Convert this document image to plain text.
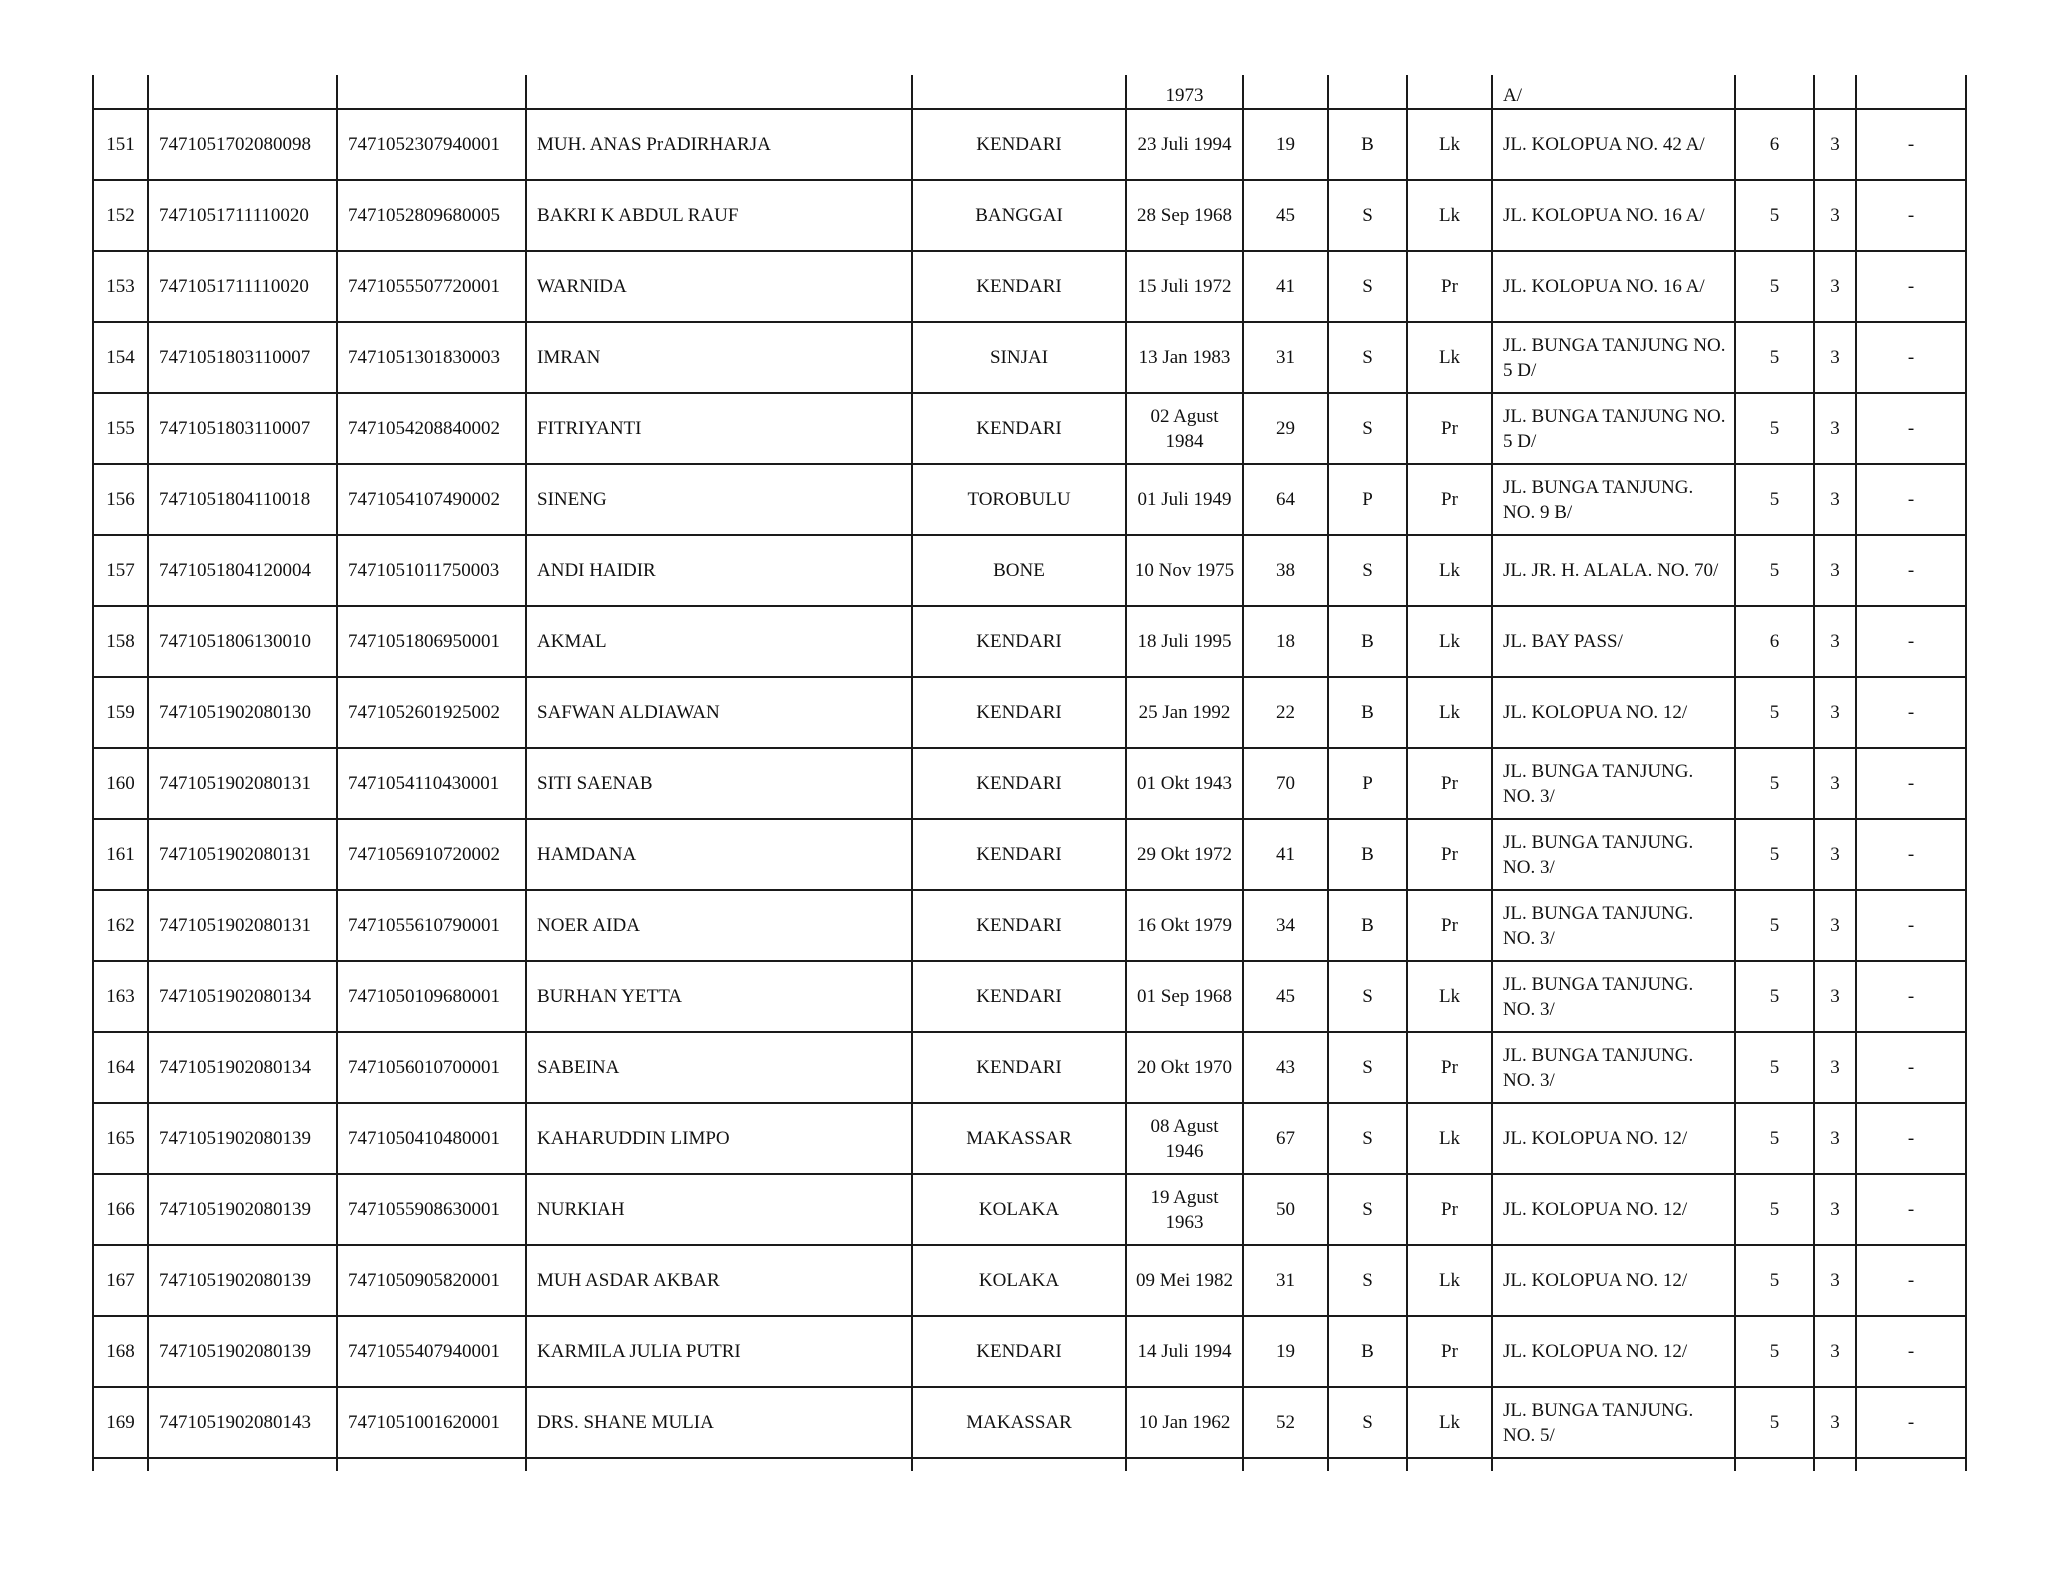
					1973				A/			
151	7471051702080098	7471052307940001	MUH. ANAS PrADIRHARJA	KENDARI	23 Juli 1994	19	B	Lk	JL. KOLOPUA NO. 42 A/	6	3	-
152	7471051711110020	7471052809680005	BAKRI K ABDUL RAUF	BANGGAI	28 Sep 1968	45	S	Lk	JL. KOLOPUA NO. 16 A/	5	3	-
153	7471051711110020	7471055507720001	WARNIDA	KENDARI	15 Juli 1972	41	S	Pr	JL. KOLOPUA NO. 16 A/	5	3	-
154	7471051803110007	7471051301830003	IMRAN	SINJAI	13 Jan 1983	31	S	Lk	JL. BUNGA TANJUNG NO. 5 D/	5	3	-
155	7471051803110007	7471054208840002	FITRIYANTI	KENDARI	02 Agust 1984	29	S	Pr	JL. BUNGA TANJUNG NO. 5 D/	5	3	-
156	7471051804110018	7471054107490002	SINENG	TOROBULU	01 Juli 1949	64	P	Pr	JL. BUNGA TANJUNG. NO. 9 B/	5	3	-
157	7471051804120004	7471051011750003	ANDI HAIDIR	BONE	10 Nov 1975	38	S	Lk	JL. JR. H. ALALA. NO. 70/	5	3	-
158	7471051806130010	7471051806950001	AKMAL	KENDARI	18 Juli 1995	18	B	Lk	JL. BAY PASS/	6	3	-
159	7471051902080130	7471052601925002	SAFWAN ALDIAWAN	KENDARI	25 Jan 1992	22	B	Lk	JL. KOLOPUA NO. 12/	5	3	-
160	7471051902080131	7471054110430001	SITI SAENAB	KENDARI	01 Okt 1943	70	P	Pr	JL. BUNGA TANJUNG. NO. 3/	5	3	-
161	7471051902080131	7471056910720002	HAMDANA	KENDARI	29 Okt 1972	41	B	Pr	JL. BUNGA TANJUNG. NO. 3/	5	3	-
162	7471051902080131	7471055610790001	NOER AIDA	KENDARI	16 Okt 1979	34	B	Pr	JL. BUNGA TANJUNG. NO. 3/	5	3	-
163	7471051902080134	7471050109680001	BURHAN YETTA	KENDARI	01 Sep 1968	45	S	Lk	JL. BUNGA TANJUNG. NO. 3/	5	3	-
164	7471051902080134	7471056010700001	SABEINA	KENDARI	20 Okt 1970	43	S	Pr	JL. BUNGA TANJUNG. NO. 3/	5	3	-
165	7471051902080139	7471050410480001	KAHARUDDIN LIMPO	MAKASSAR	08 Agust 1946	67	S	Lk	JL. KOLOPUA NO. 12/	5	3	-
166	7471051902080139	7471055908630001	NURKIAH	KOLAKA	19 Agust 1963	50	S	Pr	JL. KOLOPUA NO. 12/	5	3	-
167	7471051902080139	7471050905820001	MUH ASDAR AKBAR	KOLAKA	09 Mei 1982	31	S	Lk	JL. KOLOPUA NO. 12/	5	3	-
168	7471051902080139	7471055407940001	KARMILA JULIA PUTRI	KENDARI	14 Juli 1994	19	B	Pr	JL. KOLOPUA NO. 12/	5	3	-
169	7471051902080143	7471051001620001	DRS. SHANE MULIA	MAKASSAR	10 Jan 1962	52	S	Lk	JL. BUNGA TANJUNG. NO. 5/	5	3	-
